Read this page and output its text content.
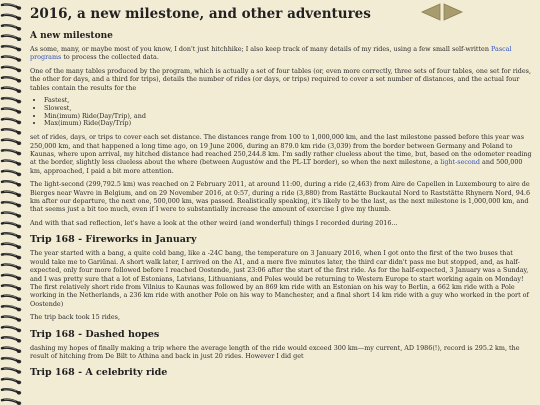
2016, a new milestone, and other adventures
A new milestone

As some, many, or maybe most of you know, I don't just hitchhike; I also keep track of many details of my rides, using a few small self-written Pascal programs to process the collected data.

One of the many tables produced by the program, which is actually a set of four tables (or, even more correctly, three sets of four tables, one set for rides, the other for days, and a third for trips), details the number of rides (or days, or trips) required to cover a set number of distances, and the actual four tables contain the results for the

• Fastest,
• Slowest,
• Min(imum) Ride(Day/Trip), and
• Max(imum) Ride(Day/Trip)

set of rides, days, or trips to cover each set distance. The distances range from 100 to 1,000,000 km, and the last milestone passed before this year was 250,000 km, and that happened a long time ago, on 19 June 2006, during an 879.0 km ride (3,039) from the border between Germany and Poland to Kaunas, where upon arrival, my hitched distance had reached 250,244.8 km. I'm sadly rather clueless about the time, but, based on the odometer reading at the border, slightly less clueless about the where (between Augustów and the PL-LT border), so when the next milestone, a light-second and 500,000 km, approached, I paid a bit more attention.

The light-second (299,792.5 km) was reached on 2 February 2011, at around 11:00, during a ride (2,463) from Aire de Capellen in Luxembourg to aire de Bierges near Wavre in Belgium, and on 29 November 2016, at 0:57, during a ride (3,880) from Rastätte Buckautal Nord to Raststätte Rhynern Nord, 94.6 km after our departure, the next one, 500,000 km, was passed. Realistically speaking, it's likely to be the last, as the next milestone is 1,000,000 km, and that seems just a bit too much, even if I were to substantially increase the amount of exercise I give my thumb.

And with that sad reflection, let's have a look at the other weird (and wonderful) things I recorded during 2016...

Trip 168 - Fireworks in January

The year started with a bang, a quite cold bang, like a -24C bang, the temperature on 3 January 2016, when I got onto the first of the two buses that would take me to Gariūnai. A short walk later, I arrived on the A1, and a mere five minutes later, the third car didn't pass me but stopped, and, as half-expected, only four more followed before I reached Oostende, just 23:06 after the start of the first ride. As for the half-expected, 3 January was a Sunday, and I was pretty sure that a lot of Estonians, Latvians, Lithuanians, and Poles would be returning to Western Europe to start working again on Monday! The first relatively short ride from Vilnius to Kaunas was followed by an 869 km ride with an Estonian on his way to Berlin, a 662 km ride with a Pole working in the Netherlands, a 236 km ride with another Pole on his way to Manchester, and a final short 14 km ride with a guy who worked in the port of Oostende)

The trip back took 15 rides,

Trip 168 - Dashed hopes

dashing my hopes of finally making a trip where the average length of the ride would exceed 300 km—my current, AD 1986(!), record is 295.2 km, the result of hitching from De Bilt to Athina and back in just 20 rides. However I did get

Trip 168 - A celebrity ride
